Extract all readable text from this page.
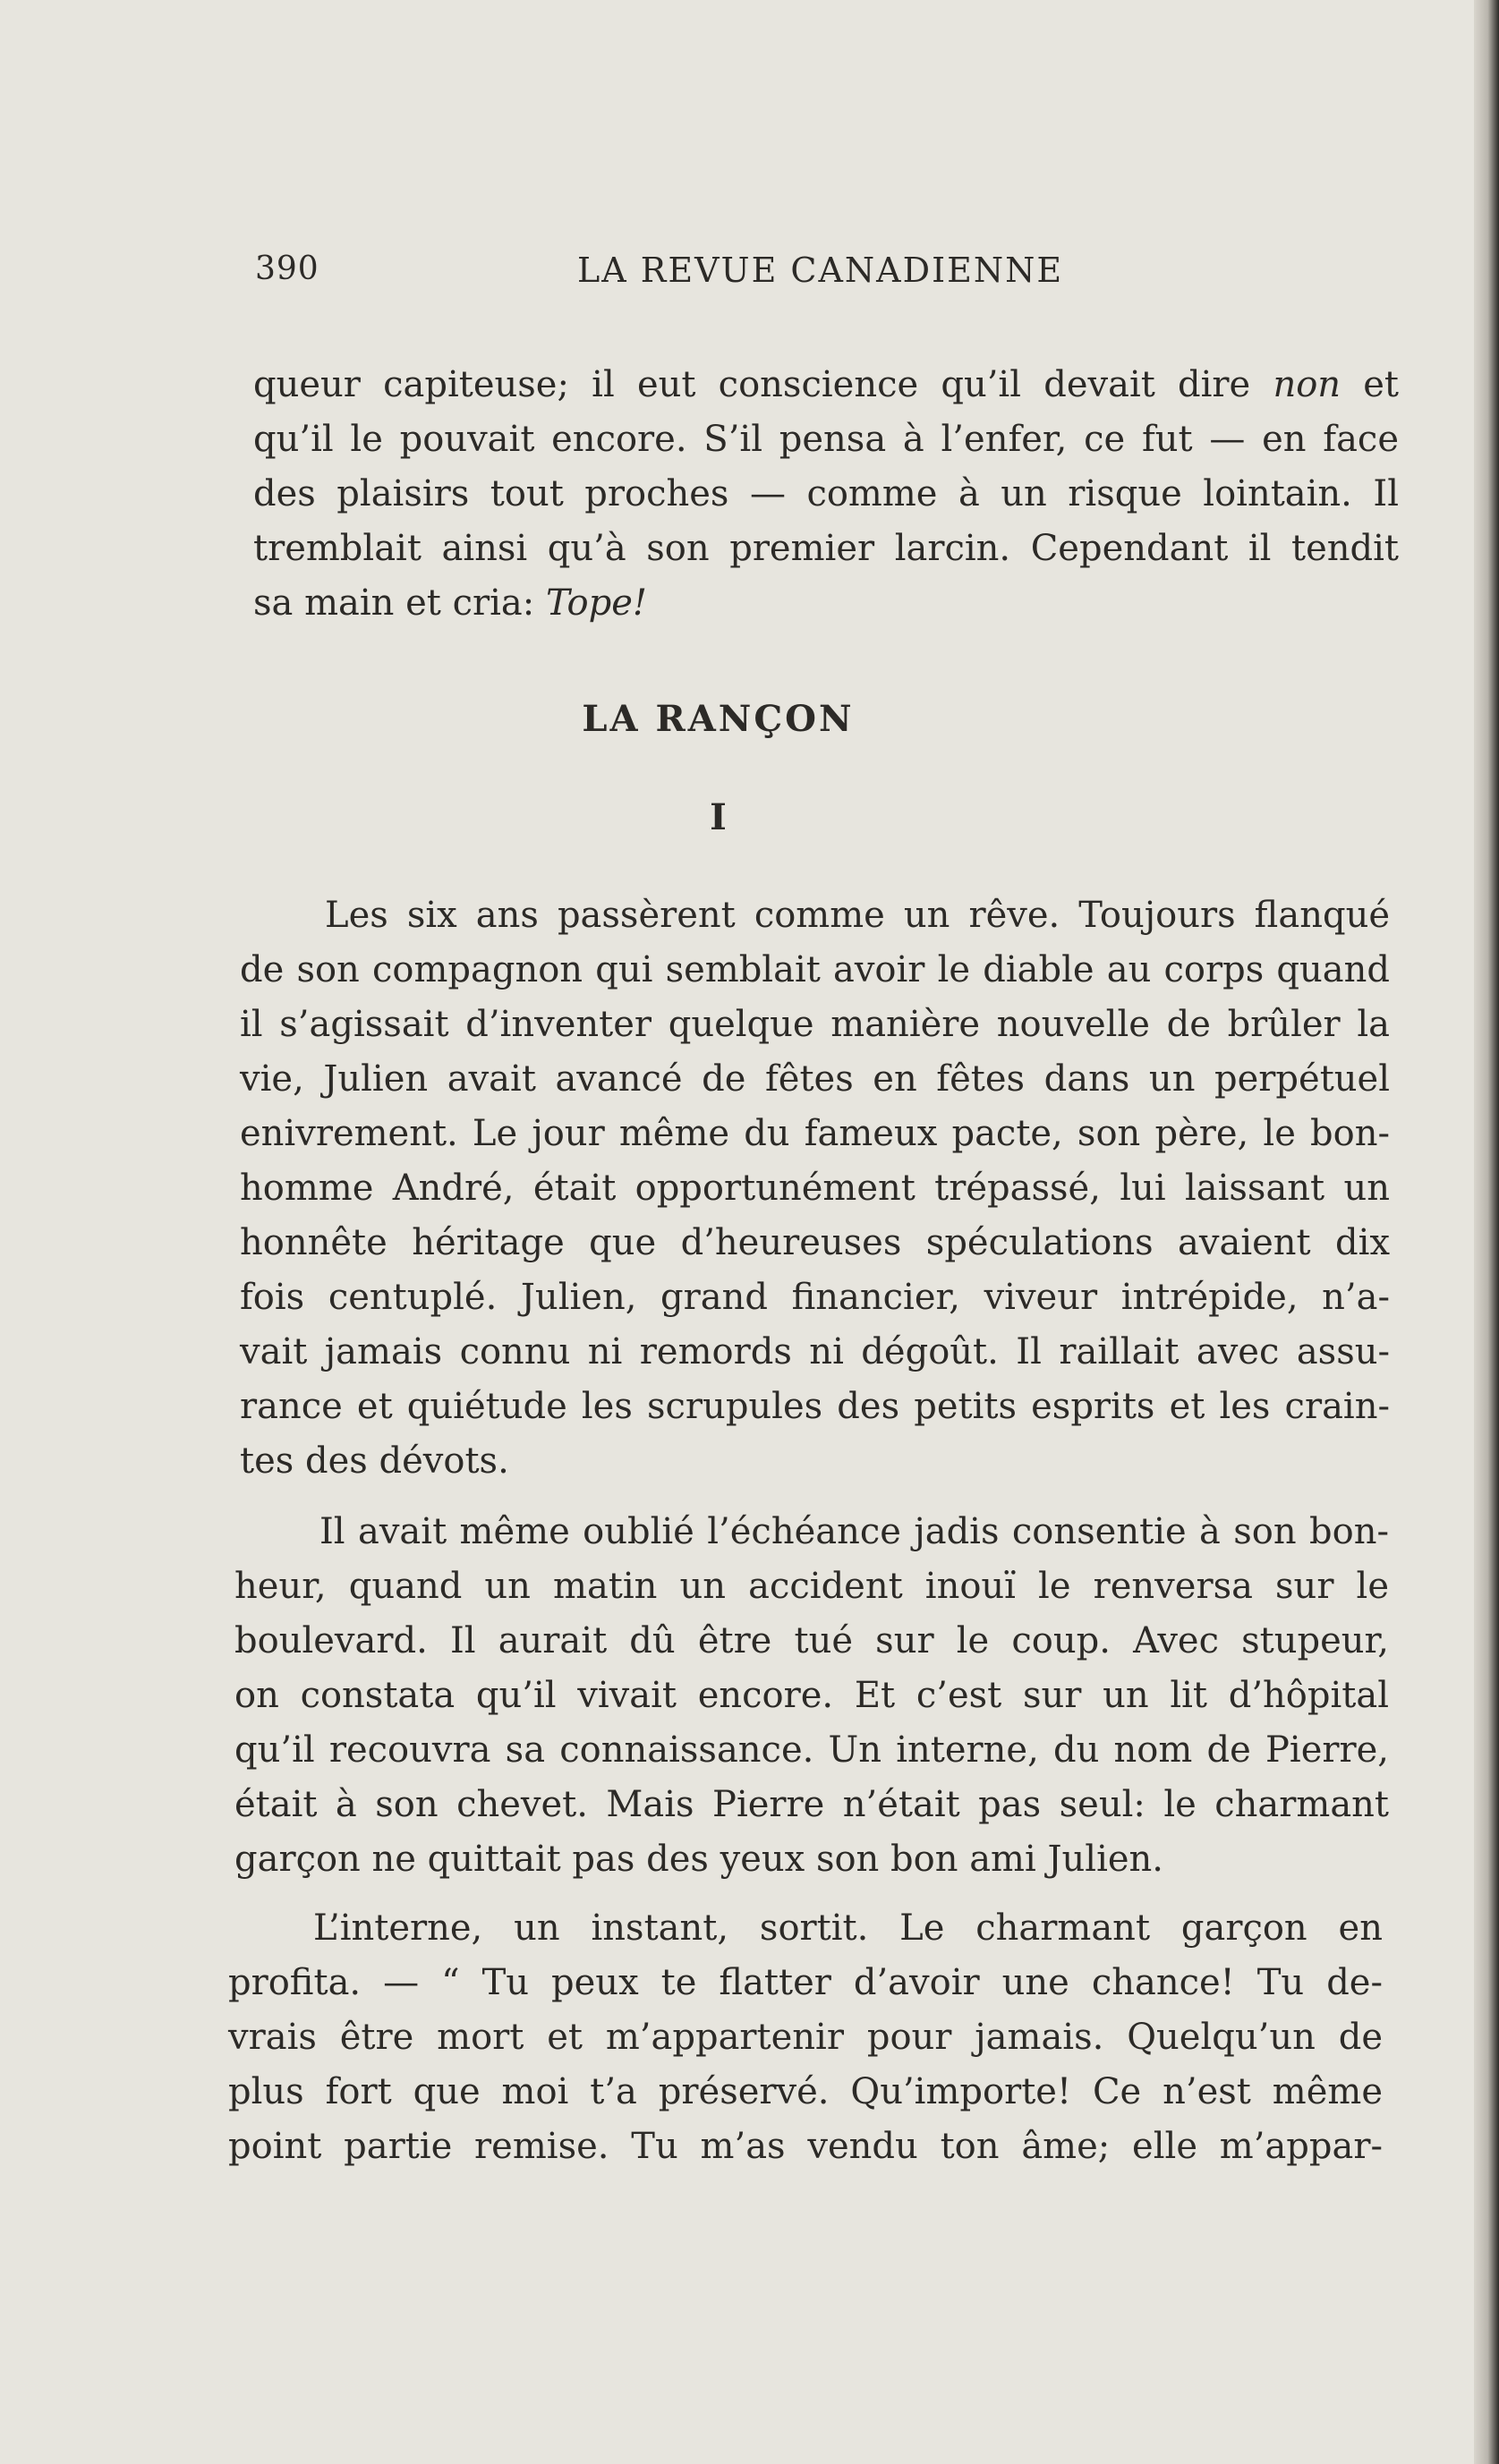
390	LA REVUE CANADIENNE
queur capiteuse; il eut conscience qu’il devait dire non et
qu’il le pouvait encore. S’il pensa à l’enfer, ce fut — en face
des plaisirs tout proches — comme à un risque lointain. Il
tremblait ainsi qu’à son premier larcin. Cependant il tendit
sa main et cria: Tope!
LA RANÇON
I
Les six ans passèrent comme un rêve. Toujours flanqué
de son compagnon qui semblait avoir le diable au corps quand
il s’agissait d’inventer quelque manière nouvelle de brûler la
vie, Julien avait avancé de fêtes en fêtes dans un perpétuel
enivrement. Le jour même du fameux pacte, son père, le bon-
homme André, était opportunément trépassé, lui laissant un
honnête héritage que d’heureuses spéculations avaient dix
fois centuplé. Julien, grand financier, viveur intrépide, n’a-
vait jamais connu ni remords ni dégoût. Il raillait avec assu-
rance et quiétude les scrupules des petits esprits et les crain-
tes des dévots.
Il avait même oublié l’échéance jadis consentie à son bon-
heur, quand un matin un accident inouï le renversa sur le
boulevard. Il aurait dû être tué sur le coup. Avec stupeur,
on constata qu’il vivait encore. Et c’est sur un lit d’hôpital
qu’il recouvra sa connaissance. Un interne, du nom de Pierre,
était à son chevet. Mais Pierre n’était pas seul: le charmant
garçon ne quittait pas des yeux son bon ami Julien.
L’interne, un instant, sortit. Le charmant garçon en
profita. — “ Tu peux te flatter d’avoir une chance! Tu de-
vrais être mort et m’appartenir pour jamais. Quelqu’un de
plus fort que moi t’a préservé. Qu’importe! Ce n’est même
point partie remise. Tu m’as vendu ton âme; elle m’appar-
